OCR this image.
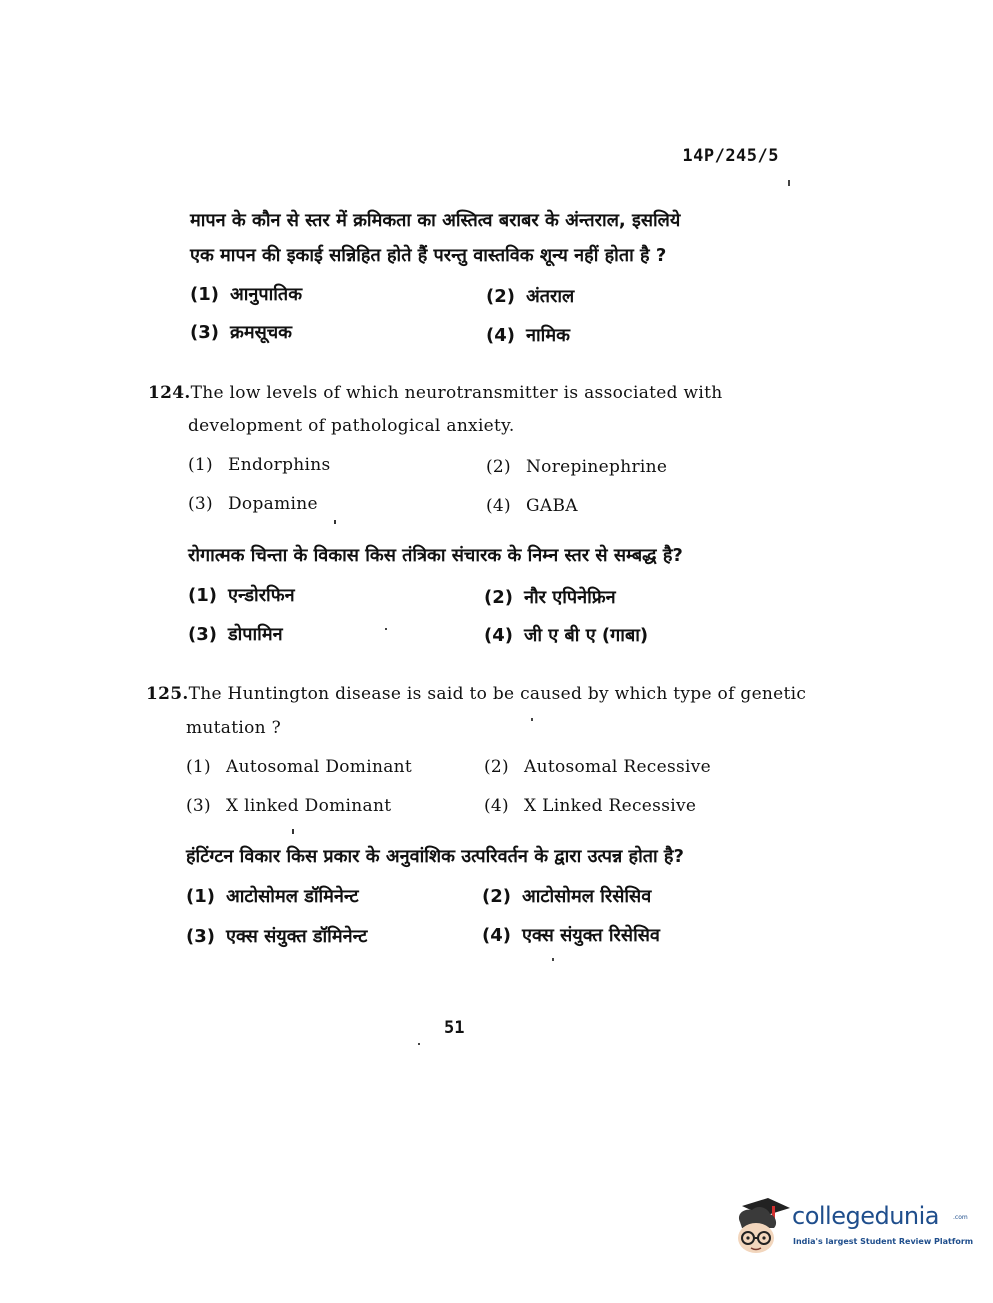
14P/245/5
मापन के कौन से स्तर में क्रमिकता का अस्तित्व बराबर के अंन्तराल, इसलिये
एक मापन की इकाई सन्निहित होते हैं परन्तु वास्तविक शून्य नहीं होता है ?
(1) आनुपातिक	(2) अंतराल
(3) क्रमसूचक	(4) नामिक
124.The low levels of which neurotransmitter is associated with
development of pathological anxiety.
(1) Endorphins	(2) Norepinephrine
(3) Dopamine	(4) GABA
रोगात्मक चिन्ता के विकास किस तंत्रिका संचारक के निम्न स्तर से सम्बद्ध है?
(1) एन्डोरफिन	(2) नौर एपिनेफ्रिन
(3) डोपामिन	(4) जी ए बी ए (गाबा)
125.The Huntington disease is said to be caused by which type of genetic
mutation ?
(1) Autosomal Dominant	(2) Autosomal Recessive
(3) X linked Dominant	(4) X Linked Recessive
हंटिंग्टन विकार किस प्रकार के अनुवांशिक उत्परिवर्तन के द्वारा उत्पन्न होता है?
(1) आटोसोमल डॉमिनेन्ट	(2) आटोसोमल रिसेसिव
(3) एक्स संयुक्त डॉमिनेन्ट	(4) एक्स संयुक्त रिसेसिव
51
collegedunia .com
India's largest Student Review Platform
